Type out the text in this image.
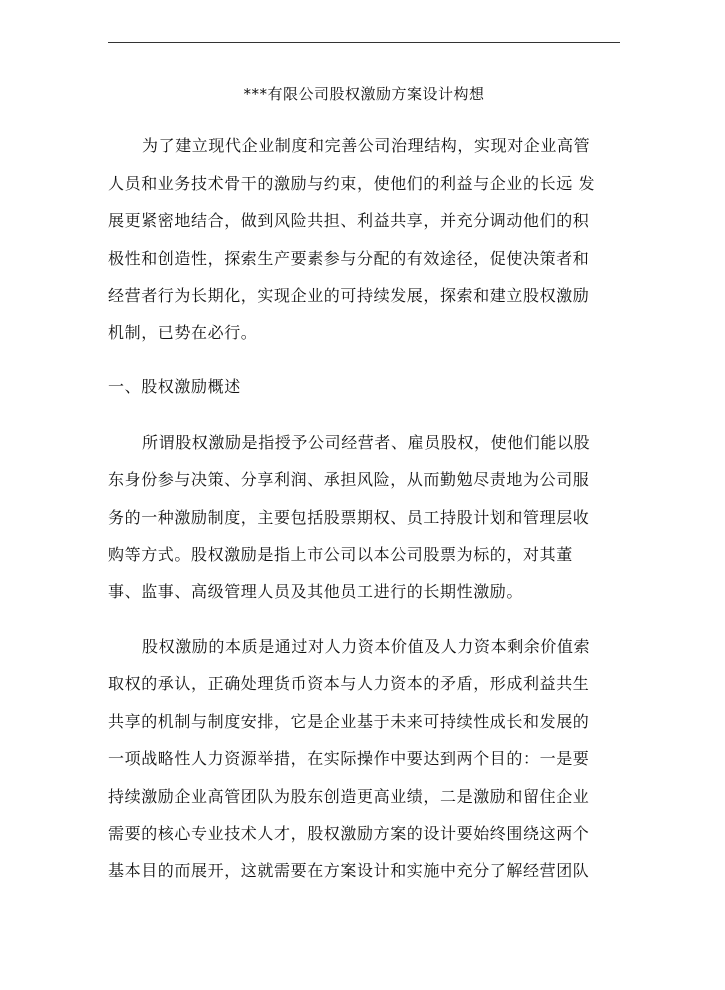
***有限公司股权激励方案设计构想
为了建立现代企业制度和完善公司治理结构，实现对企业高管
人员和业务技术骨干的激励与约束，使他们的利益与企业的长远 发
展更紧密地结合，做到风险共担、利益共享，并充分调动他们的积
极性和创造性，探索生产要素参与分配的有效途径，促使决策者和
经营者行为长期化，实现企业的可持续发展，探索和建立股权激励
机制，已势在必行。
一、股权激励概述
所谓股权激励是指授予公司经营者、雇员股权，使他们能以股
东身份参与决策、分享利润、承担风险，从而勤勉尽责地为公司服
务的一种激励制度，主要包括股票期权、员工持股计划和管理层收
购等方式。股权激励是指上市公司以本公司股票为标的，对其董
事、监事、高级管理人员及其他员工进行的长期性激励。
股权激励的本质是通过对人力资本价值及人力资本剩余价值索
取权的承认，正确处理货币资本与人力资本的矛盾，形成利益共生
共享的机制与制度安排，它是企业基于未来可持续性成长和发展的
一项战略性人力资源举措，在实际操作中要达到两个目的：一是要
持续激励企业高管团队为股东创造更高业绩，二是激励和留住企业
需要的核心专业技术人才，股权激励方案的设计要始终围绕这两个
基本目的而展开，这就需要在方案设计和实施中充分了解经营团队
